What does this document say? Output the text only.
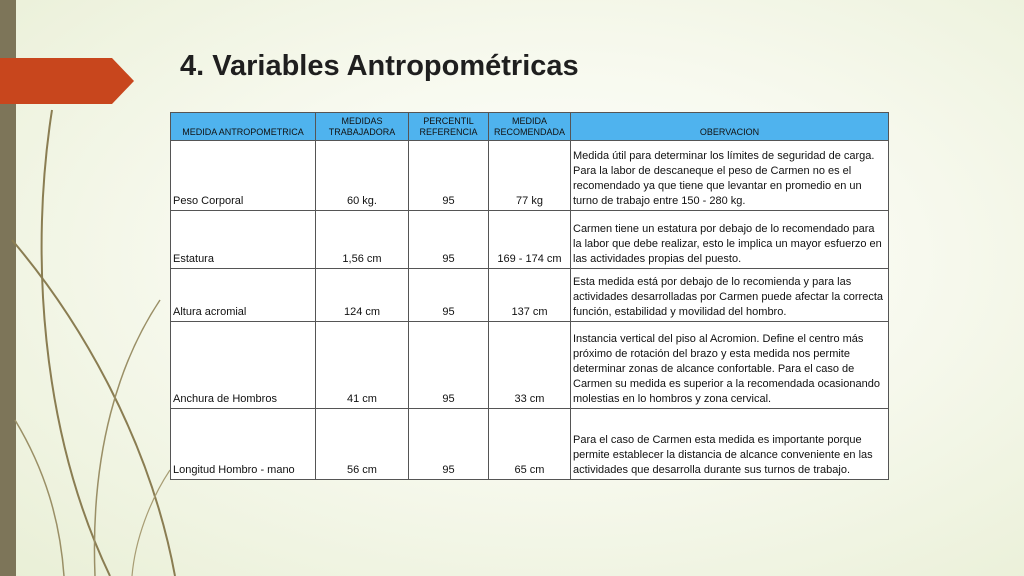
4. Variables Antropométricas
MEDIDA ANTROPOMETRICA	MEDIDAS TRABAJADORA	PERCENTIL REFERENCIA	MEDIDA RECOMENDADA	OBERVACION
Peso Corporal	60 kg.	95	77 kg	Medida útil para determinar los límites de seguridad de carga. Para la labor de descaneque el peso de Carmen no es el recomendado ya que tiene que levantar en promedio en un turno de trabajo entre 150 - 280 kg.
Estatura	1,56 cm	95	169 - 174 cm	Carmen tiene un estatura por debajo de lo recomendado para la labor que debe realizar, esto le implica un mayor esfuerzo en las actividades propias del puesto.
Altura acromial	124 cm	95	137 cm	Esta medida está por debajo de lo recomienda y para las actividades desarrolladas por Carmen puede afectar la correcta función, estabilidad y movilidad del hombro.
Anchura de Hombros	41 cm	95	33 cm	Instancia vertical del piso al Acromion. Define el centro más próximo de rotación del brazo y esta medida nos permite determinar zonas de alcance confortable. Para el caso de Carmen su medida es superior a la recomendada ocasionando molestias en lo hombros y zona cervical.
Longitud Hombro - mano	56 cm	95	65 cm	Para el caso de Carmen esta medida es importante porque permite establecer la distancia de alcance conveniente en las actividades que desarrolla durante sus turnos de trabajo.
